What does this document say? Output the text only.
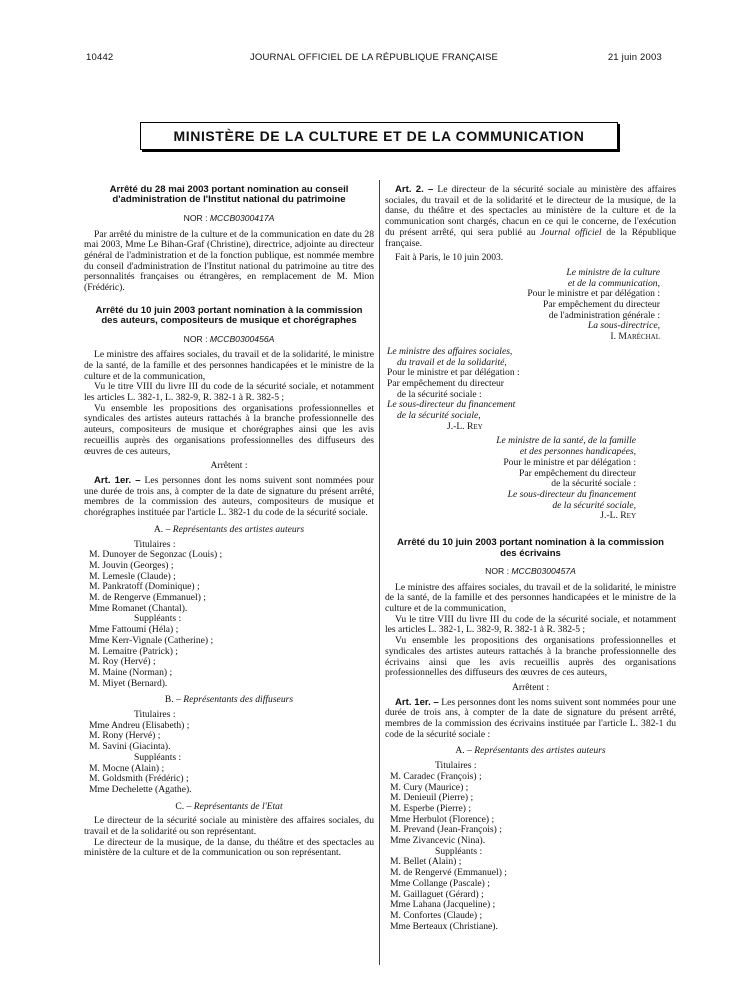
10442	JOURNAL OFFICIEL DE LA RÉPUBLIQUE FRANÇAISE	21 juin 2003
MINISTÈRE DE LA CULTURE ET DE LA COMMUNICATION
Arrêté du 28 mai 2003 portant nomination au conseil d'administration de l'Institut national du patrimoine
NOR : MCCB0300417A

Par arrêté du ministre de la culture et de la communication en date du 28 mai 2003, Mme Le Bihan-Graf (Christine), directrice, adjointe au directeur général de l'administration et de la fonction publique, est nommée membre du conseil d'administration de l'Institut national du patrimoine au titre des personnalités françaises ou étrangères, en remplacement de M. Mion (Frédéric).

Arrêté du 10 juin 2003 portant nomination à la commission des auteurs, compositeurs de musique et chorégraphes
NOR : MCCB0300456A

Le ministre des affaires sociales, du travail et de la solidarité, le ministre de la santé, de la famille et des personnes handicapées et le ministre de la culture et de la communication,

Vu le titre VIII du livre III du code de la sécurité sociale, et notamment les articles L. 382-1, L. 382-9, R. 382-1 à R. 382-5 ;

Vu ensemble les propositions des organisations professionnelles et syndicales des artistes auteurs rattachés à la branche professionnelle des auteurs, compositeurs de musique et chorégraphes ainsi que les avis recueillis auprès des organisations professionnelles des diffuseurs des œuvres de ces auteurs,

Arrêtent :

Art. 1er. – Les personnes dont les noms suivent sont nommées pour une durée de trois ans, à compter de la date de signature du présent arrêté, membres de la commission des auteurs, compositeurs de musique et chorégraphes instituée par l'article L. 382-1 du code de la sécurité sociale.

A. – Représentants des artistes auteurs

Titulaires :

M. Dunoyer de Segonzac (Louis) ;

M. Jouvin (Georges) ;

M. Lemesle (Claude) ;

M. Pankratoff (Dominique) ;

M. de Rengerve (Emmanuel) ;

Mme Romanet (Chantal).

Suppléants :

Mme Fattoumi (Héla) ;

Mme Kerr-Vignale (Catherine) ;

M. Lemaitre (Patrick) ;

M. Roy (Hervé) ;

M. Maine (Norman) ;

M. Miyet (Bernard).

B. – Représentants des diffuseurs

Titulaires :

Mme Andreu (Elisabeth) ;

M. Rony (Hervé) ;

M. Savini (Giacinta).

Suppléants :

M. Mocne (Alain) ;

M. Goldsmith (Frédéric) ;

Mme Dechelette (Agathe).

C. – Représentants de l'Etat

Le directeur de la sécurité sociale au ministère des affaires sociales, du travail et de la solidarité ou son représentant.

Le directeur de la musique, de la danse, du théâtre et des spectacles au ministère de la culture et de la communication ou son représentant.

Art. 2. – Le directeur de la sécurité sociale au ministère des affaires sociales, du travail et de la solidarité et le directeur de la musique, de la danse, du théâtre et des spectacles au ministère de la culture et de la communication sont chargés, chacun en ce qui le concerne, de l'exécution du présent arrêté, qui sera publié au Journal officiel de la République française.

Fait à Paris, le 10 juin 2003.

Le ministre de la culture

et de la communication,

Pour le ministre et par délégation :

Par empêchement du directeur

de l'administration générale :

La sous-directrice,

I. Maréchal

Le ministre des affaires sociales,

du travail et de la solidarité,

Pour le ministre et par délégation :

Par empêchement du directeur

de la sécurité sociale :

Le sous-directeur du financement

de la sécurité sociale,

J.-L. Rey

Le ministre de la santé, de la famille

et des personnes handicapées,

Pour le ministre et par délégation :

Par empêchement du directeur

de la sécurité sociale :

Le sous-directeur du financement

de la sécurité sociale,

J.-L. Rey

Arrêté du 10 juin 2003 portant nomination à la commission des écrivains
NOR : MCCB0300457A

Le ministre des affaires sociales, du travail et de la solidarité, le ministre de la santé, de la famille et des personnes handicapées et le ministre de la culture et de la communication,

Vu le titre VIII du livre III du code de la sécurité sociale, et notamment les articles L. 382-1, L. 382-9, R. 382-1 à R. 382-5 ;

Vu ensemble les propositions des organisations professionnelles et syndicales des artistes auteurs rattachés à la branche professionnelle des écrivains ainsi que les avis recueillis auprès des organisations professionnelles des diffuseurs des œuvres de ces auteurs,

Arrêtent :

Art. 1er. – Les personnes dont les noms suivent sont nommées pour une durée de trois ans, à compter de la date de signature du présent arrêté, membres de la commission des écrivains instituée par l'article L. 382-1 du code de la sécurité sociale :

A. – Représentants des artistes auteurs

Titulaires :

M. Caradec (François) ;

M. Cury (Maurice) ;

M. Denieuil (Pierre) ;

M. Esperbe (Pierre) ;

Mme Herbulot (Florence) ;

M. Prevand (Jean-François) ;

Mme Zivancevic (Nina).

Suppléants :

M. Bellet (Alain) ;

M. de Rengervé (Emmanuel) ;

Mme Collange (Pascale) ;

M. Gaillaguet (Gérard) ;

Mme Lahana (Jacqueline) ;

M. Confortes (Claude) ;

Mme Berteaux (Christiane).
